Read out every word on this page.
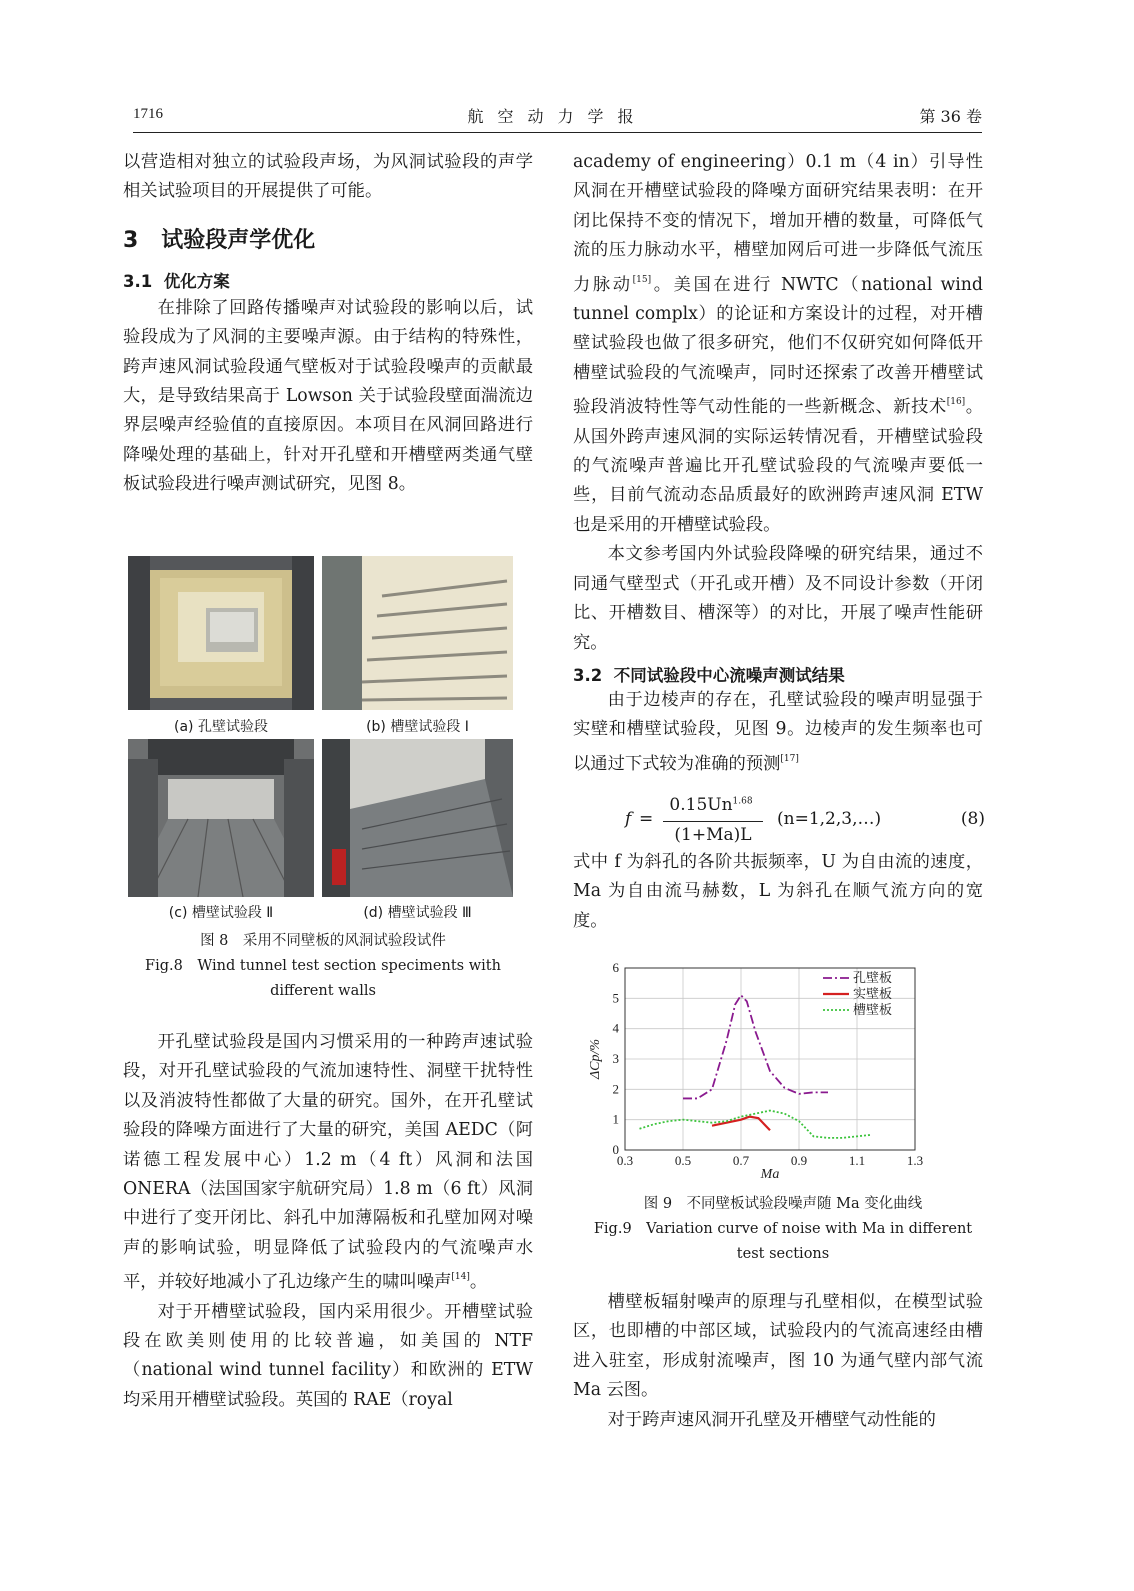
1716	航空动力学报	第 36 卷

以营造相对独立的试验段声场，为风洞试验段的声学相关试验项目的开展提供了可能。

3 试验段声学优化

3.1 优化方案

在排除了回路传播噪声对试验段的影响以后，试验段成为了风洞的主要噪声源。由于结构的特殊性，跨声速风洞试验段通气壁板对于试验段噪声的贡献最大，是导致结果高于 Lowson 关于试验段壁面湍流边界层噪声经验值的直接原因。本项目在风洞回路进行降噪处理的基础上，针对开孔壁和开槽壁两类通气壁板试验段进行噪声测试研究，见图 8。

(a) 孔壁试验段	(b) 槽壁试验段 Ⅰ
(c) 槽壁试验段 Ⅱ	(d) 槽壁试验段 Ⅲ
图 8　采用不同壁板的风洞试验段试件
Fig.8　Wind tunnel test section speciments with
different walls

开孔壁试验段是国内习惯采用的一种跨声速试验段，对开孔壁试验段的气流加速特性、洞壁干扰特性以及消波特性都做了大量的研究。国外，在开孔壁试验段的降噪方面进行了大量的研究，美国 AEDC（阿诺德工程发展中心）1.2 m（4 ft）风洞和法国 ONERA（法国国家宇航研究局）1.8 m（6 ft）风洞中进行了变开闭比、斜孔中加薄隔板和孔壁加网对噪声的影响试验，明显降低了试验段内的气流噪声水平，并较好地减小了孔边缘产生的啸叫噪声[14]。

对于开槽壁试验段，国内采用很少。开槽壁试验段在欧美则使用的比较普遍，如美国的 NTF（national wind tunnel facility）和欧洲的 ETW 均采用开槽壁试验段。英国的 RAE（royal

academy of engineering）0.1 m（4 in）引导性风洞在开槽壁试验段的降噪方面研究结果表明：在开闭比保持不变的情况下，增加开槽的数量，可降低气流的压力脉动水平，槽壁加网后可进一步降低气流压力脉动[15]。美国在进行 NWTC（national wind tunnel complx）的论证和方案设计的过程，对开槽壁试验段也做了很多研究，他们不仅研究如何降低开槽壁试验段的气流噪声，同时还探索了改善开槽壁试验段消波特性等气动性能的一些新概念、新技术[16]。从国外跨声速风洞的实际运转情况看，开槽壁试验段的气流噪声普遍比开孔壁试验段的气流噪声要低一些，目前气流动态品质最好的欧洲跨声速风洞 ETW 也是采用的开槽壁试验段。

本文参考国内外试验段降噪的研究结果，通过不同通气壁型式（开孔或开槽）及不同设计参数（开闭比、开槽数目、槽深等）的对比，开展了噪声性能研究。

3.2 不同试验段中心流噪声测试结果

由于边棱声的存在，孔壁试验段的噪声明显强于实壁和槽壁试验段，见图 9。边棱声的发生频率也可以通过下式较为准确的预测[17]

f =
$0.15Un^{1.68}$
(1+Ma)L
(n=1,2,3,…)	(8)

式中 f 为斜孔的各阶共振频率，U 为自由流的速度，Ma 为自由流马赫数，L 为斜孔在顺气流方向的宽度。

0.3	0.5	0.7	0.9	1.1	1.3
0
1
2
3
4
5
6
Ma
ΔCp/%
孔壁板
实壁板
槽壁板
图 9　不同壁板试验段噪声随 Ma 变化曲线
Fig.9　Variation curve of noise with Ma in different
test sections

槽壁板辐射噪声的原理与孔壁相似，在模型试验区，也即槽的中部区域，试验段内的气流高速经由槽进入驻室，形成射流噪声，图 10 为通气壁内部气流 Ma 云图。

对于跨声速风洞开孔壁及开槽壁气动性能的
